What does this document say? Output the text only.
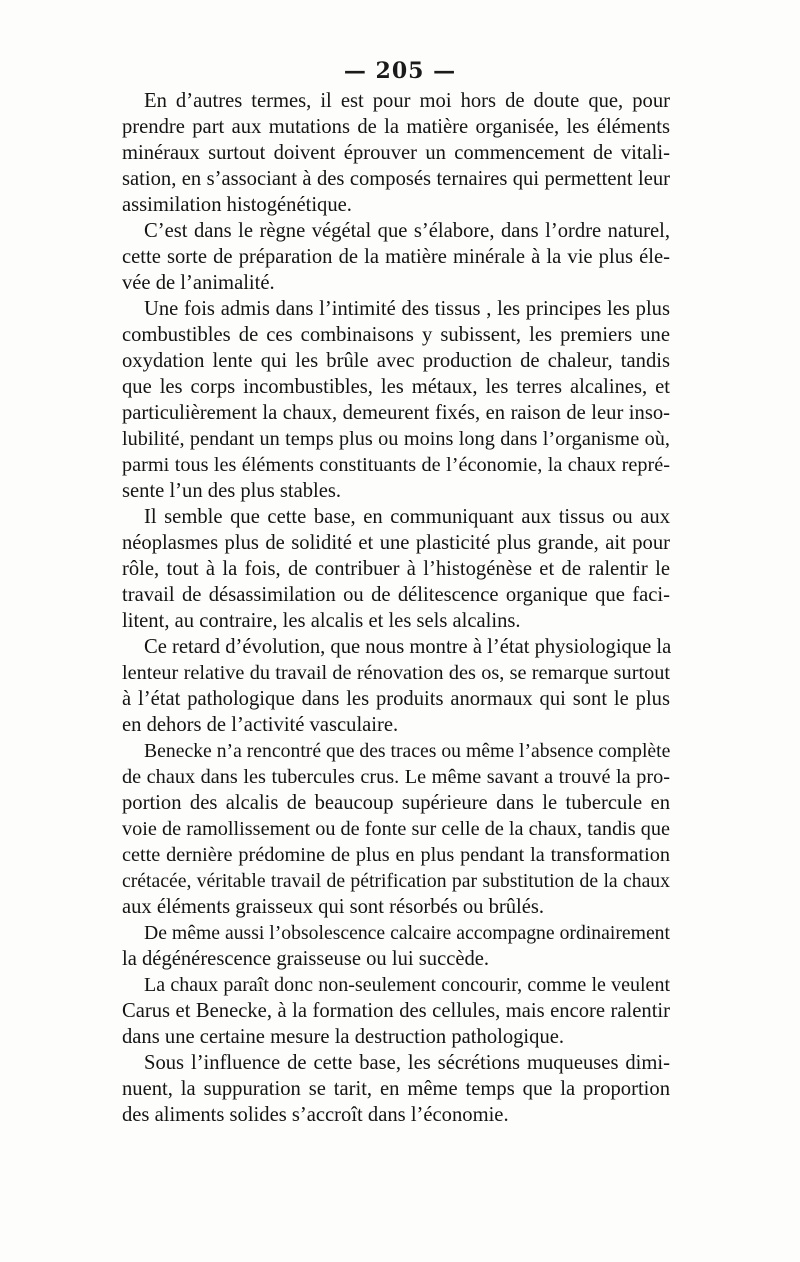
— 205 —
En d’autres termes, il est pour moi hors de doute que, pour
prendre part aux mutations de la matière organisée, les éléments
minéraux surtout doivent éprouver un commencement de vitali-
sation, en s’associant à des composés ternaires qui permettent leur
assimilation histogénétique.
C’est dans le règne végétal que s’élabore, dans l’ordre naturel,
cette sorte de préparation de la matière minérale à la vie plus éle-
vée de l’animalité.
Une fois admis dans l’intimité des tissus , les principes les plus
combustibles de ces combinaisons y subissent, les premiers une
oxydation lente qui les brûle avec production de chaleur, tandis
que les corps incombustibles, les métaux, les terres alcalines, et
particulièrement la chaux, demeurent fixés, en raison de leur inso-
lubilité, pendant un temps plus ou moins long dans l’organisme où,
parmi tous les éléments constituants de l’économie, la chaux repré-
sente l’un des plus stables.
Il semble que cette base, en communiquant aux tissus ou aux
néoplasmes plus de solidité et une plasticité plus grande, ait pour
rôle, tout à la fois, de contribuer à l’histogénèse et de ralentir le
travail de désassimilation ou de délitescence organique que faci-
litent, au contraire, les alcalis et les sels alcalins.
Ce retard d’évolution, que nous montre à l’état physiologique la
lenteur relative du travail de rénovation des os, se remarque surtout
à l’état pathologique dans les produits anormaux qui sont le plus
en dehors de l’activité vasculaire.
Benecke n’a rencontré que des traces ou même l’absence complète
de chaux dans les tubercules crus. Le même savant a trouvé la pro-
portion des alcalis de beaucoup supérieure dans le tubercule en
voie de ramollissement ou de fonte sur celle de la chaux, tandis que
cette dernière prédomine de plus en plus pendant la transformation
crétacée, véritable travail de pétrification par substitution de la chaux
aux éléments graisseux qui sont résorbés ou brûlés.
De même aussi l’obsolescence calcaire accompagne ordinairement
la dégénérescence graisseuse ou lui succède.
La chaux paraît donc non-seulement concourir, comme le veulent
Carus et Benecke, à la formation des cellules, mais encore ralentir
dans une certaine mesure la destruction pathologique.
Sous l’influence de cette base, les sécrétions muqueuses dimi-
nuent, la suppuration se tarit, en même temps que la proportion
des aliments solides s’accroît dans l’économie.
